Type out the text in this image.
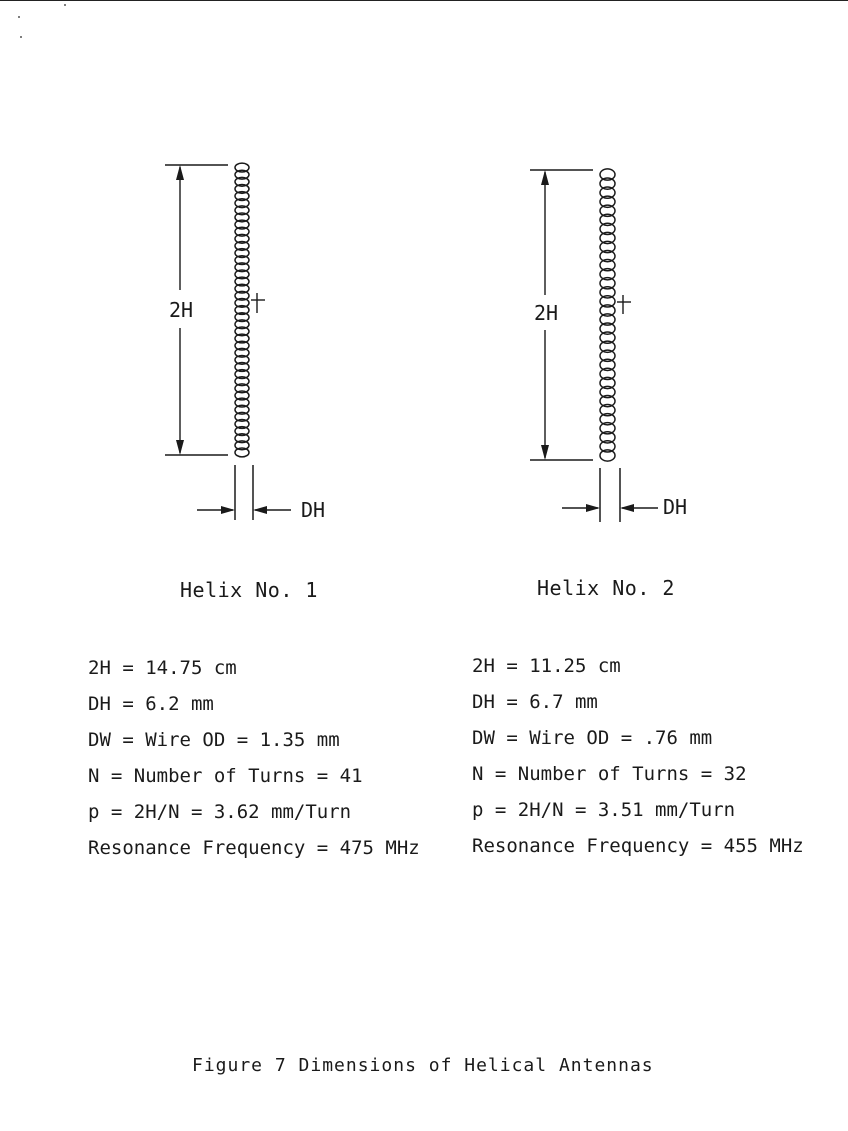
2H
DH
2H
DH
Helix No. 1	Helix No. 2
2H = 14.75 cm
DH = 6.2 mm
DW = Wire OD = 1.35 mm
N = Number of Turns = 41
p = 2H/N = 3.62 mm/Turn
Resonance Frequency = 475 MHz
2H = 11.25 cm
DH = 6.7 mm
DW = Wire OD = .76 mm
N = Number of Turns = 32
p = 2H/N = 3.51 mm/Turn
Resonance Frequency = 455 MHz
Figure 7 Dimensions of Helical Antennas
